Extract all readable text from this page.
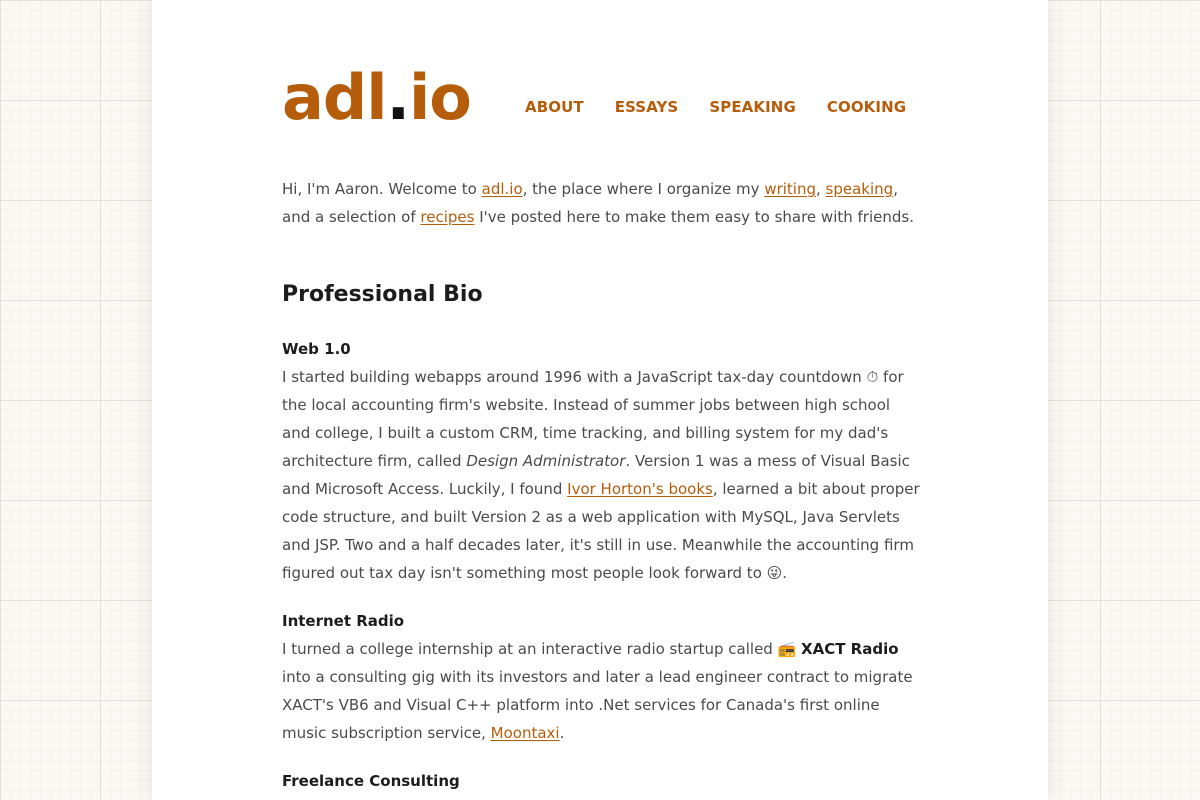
adl.io	ABOUT ESSAYS SPEAKING COOKING

Hi, I'm Aaron. Welcome to adl.io, the place where I organize my writing, speaking, and a selection of recipes I've posted here to make them easy to share with friends.

Professional Bio
Web 1.0

I started building webapps around 1996 with a JavaScript tax-day countdown ⏱ for the local accounting firm's website. Instead of summer jobs between high school and college, I built a custom CRM, time tracking, and billing system for my dad's architecture firm, called Design Administrator. Version 1 was a mess of Visual Basic and Microsoft Access. Luckily, I found Ivor Horton's books, learned a bit about proper code structure, and built Version 2 as a web application with MySQL, Java Servlets and JSP. Two and a half decades later, it's still in use. Meanwhile the accounting firm figured out tax day isn't something most people look forward to 😜.

Internet Radio

I turned a college internship at an interactive radio startup called 📻 XACT Radio into a consulting gig with its investors and later a lead engineer contract to migrate XACT's VB6 and Visual C++ platform into .Net services for Canada's first online music subscription service, Moontaxi.

Freelance Consulting
